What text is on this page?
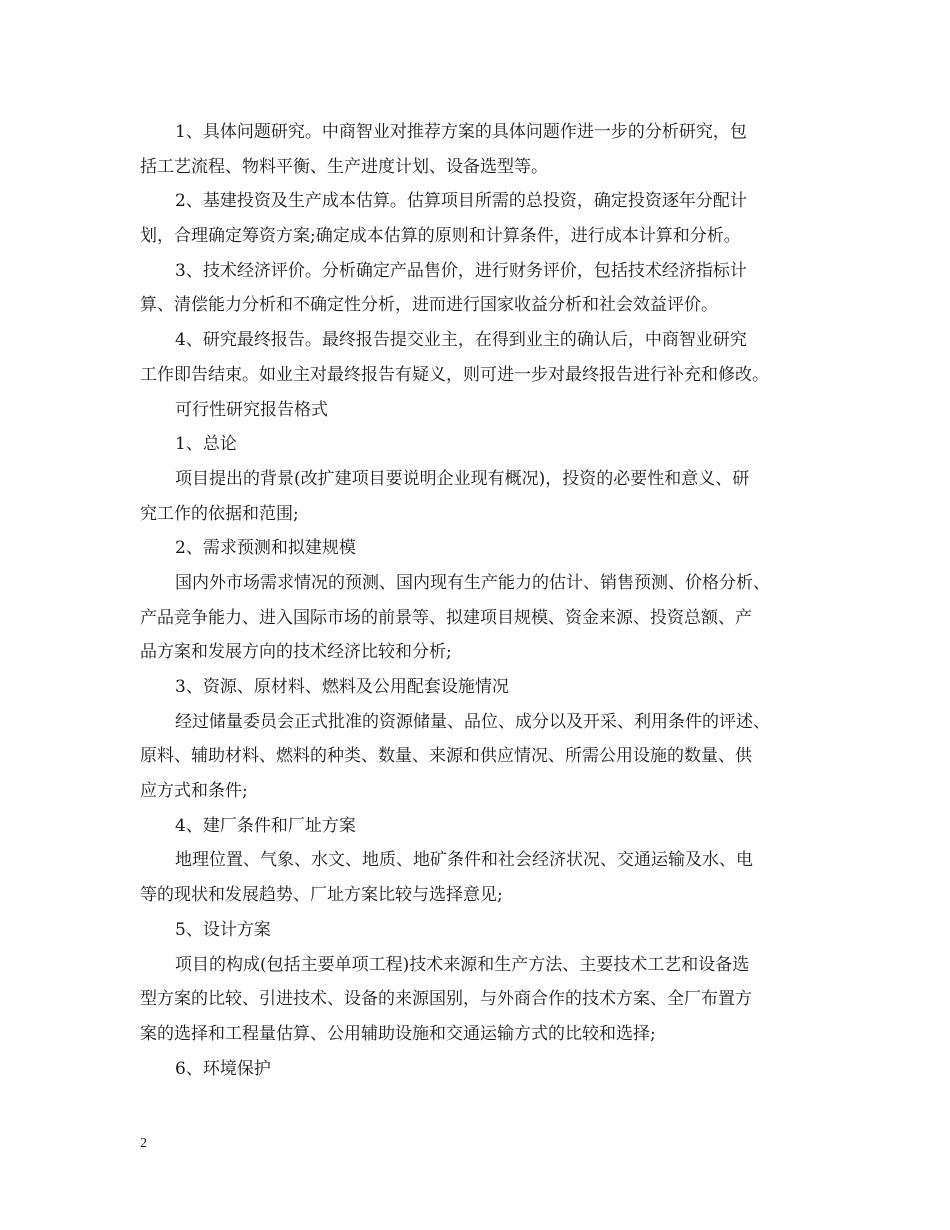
1、具体问题研究。中商智业对推荐方案的具体问题作进一步的分析研究，包
括工艺流程、物料平衡、生产进度计划、设备选型等。
2、基建投资及生产成本估算。估算项目所需的总投资，确定投资逐年分配计
划，合理确定筹资方案;确定成本估算的原则和计算条件，进行成本计算和分析。
3、技术经济评价。分析确定产品售价，进行财务评价，包括技术经济指标计
算、清偿能力分析和不确定性分析，进而进行国家收益分析和社会效益评价。
4、研究最终报告。最终报告提交业主，在得到业主的确认后，中商智业研究
工作即告结束。如业主对最终报告有疑义，则可进一步对最终报告进行补充和修改。
可行性研究报告格式
1、总论
项目提出的背景(改扩建项目要说明企业现有概况)，投资的必要性和意义、研
究工作的依据和范围;
2、需求预测和拟建规模
国内外市场需求情况的预测、国内现有生产能力的估计、销售预测、价格分析、
产品竞争能力、进入国际市场的前景等、拟建项目规模、资金来源、投资总额、产
品方案和发展方向的技术经济比较和分析;
3、资源、原材料、燃料及公用配套设施情况
经过储量委员会正式批准的资源储量、品位、成分以及开采、利用条件的评述、
原料、辅助材料、燃料的种类、数量、来源和供应情况、所需公用设施的数量、供
应方式和条件;
4、建厂条件和厂址方案
地理位置、气象、水文、地质、地矿条件和社会经济状况、交通运输及水、电
等的现状和发展趋势、厂址方案比较与选择意见;
5、设计方案
项目的构成(包括主要单项工程)技术来源和生产方法、主要技术工艺和设备选
型方案的比较、引进技术、设备的来源国别，与外商合作的技术方案、全厂布置方
案的选择和工程量估算、公用辅助设施和交通运输方式的比较和选择;
6、环境保护
2
